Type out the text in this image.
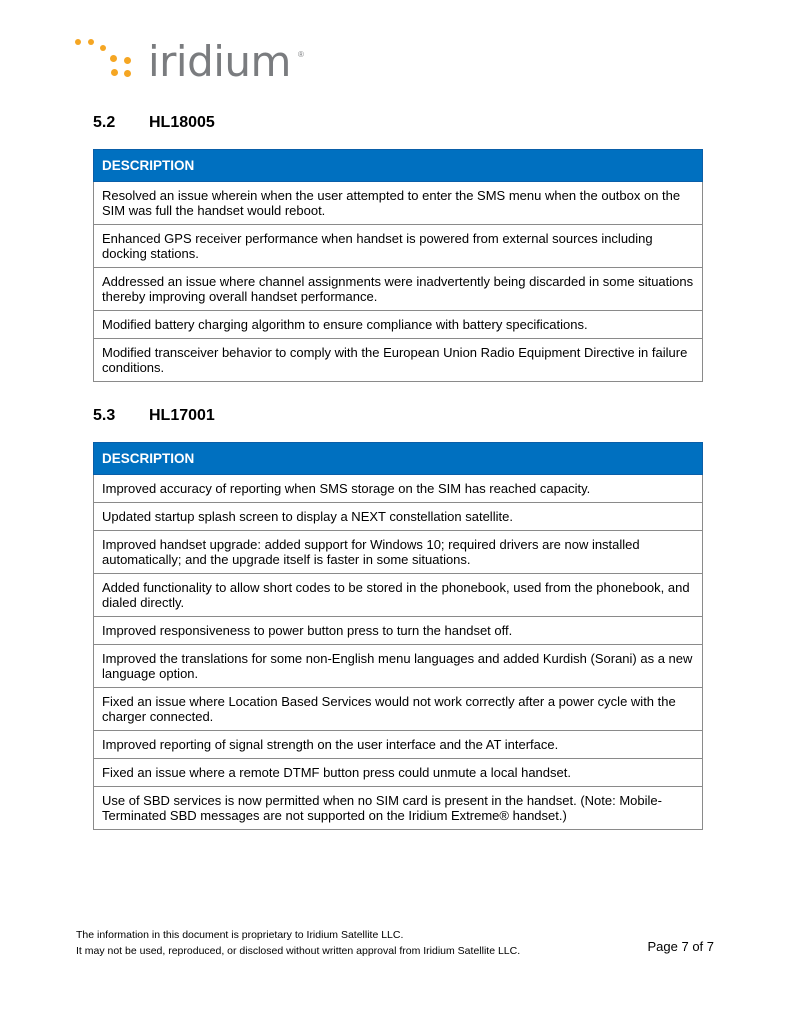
iridium ®
5.2 HL18005
DESCRIPTION
Resolved an issue wherein when the user attempted to enter the SMS menu when the outbox on the SIM was full the handset would reboot.
Enhanced GPS receiver performance when handset is powered from external sources including docking stations.
Addressed an issue where channel assignments were inadvertently being discarded in some situations thereby improving overall handset performance.
Modified battery charging algorithm to ensure compliance with battery specifications.
Modified transceiver behavior to comply with the European Union Radio Equipment Directive in failure conditions.
5.3 HL17001
DESCRIPTION
Improved accuracy of reporting when SMS storage on the SIM has reached capacity.
Updated startup splash screen to display a NEXT constellation satellite.
Improved handset upgrade: added support for Windows 10; required drivers are now installed automatically; and the upgrade itself is faster in some situations.
Added functionality to allow short codes to be stored in the phonebook, used from the phonebook, and dialed directly.
Improved responsiveness to power button press to turn the handset off.
Improved the translations for some non-English menu languages and added Kurdish (Sorani) as a new language option.
Fixed an issue where Location Based Services would not work correctly after a power cycle with the charger connected.
Improved reporting of signal strength on the user interface and the AT interface.
Fixed an issue where a remote DTMF button press could unmute a local handset.
Use of SBD services is now permitted when no SIM card is present in the handset. (Note: Mobile-Terminated SBD messages are not supported on the Iridium Extreme® handset.)
The information in this document is proprietary to Iridium Satellite LLC.
It may not be used, reproduced, or disclosed without written approval from Iridium Satellite LLC.	Page 7 of 7
